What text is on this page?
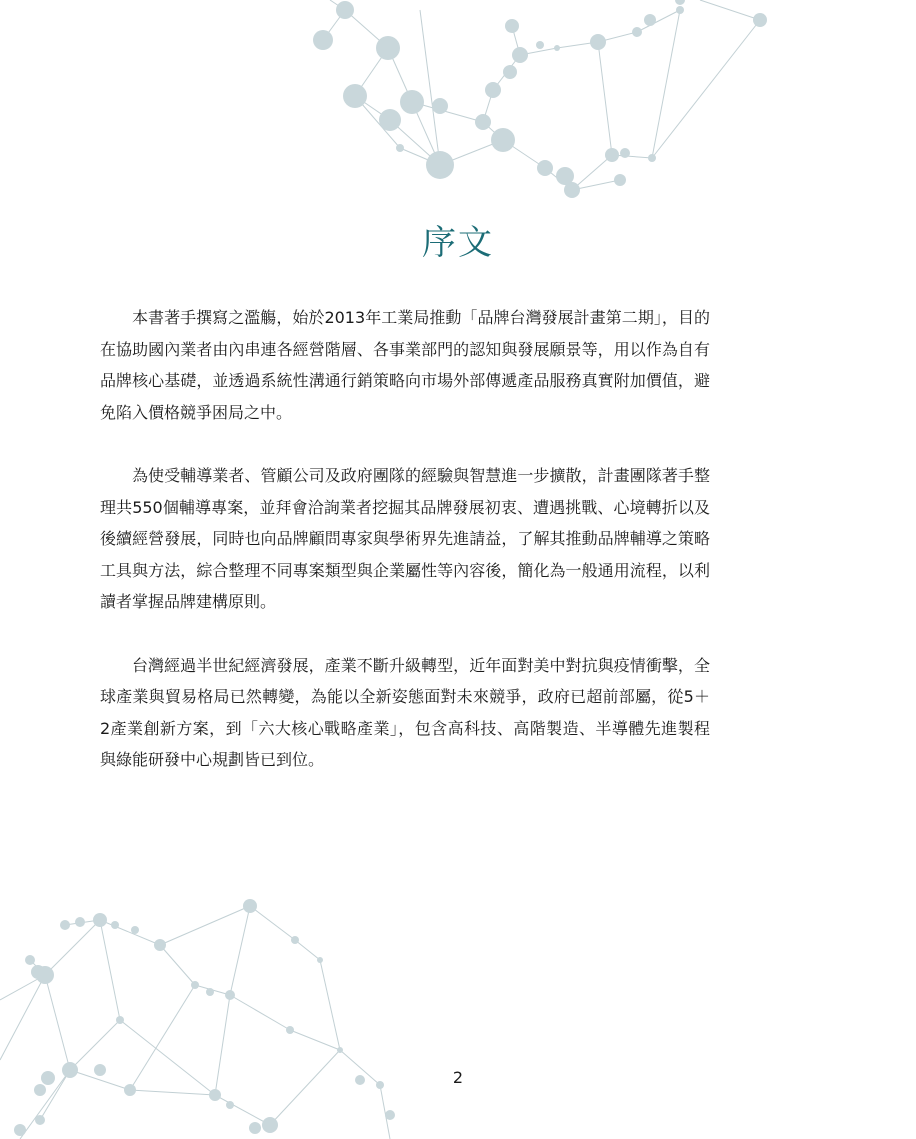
序文

本書著手撰寫之濫觴，始於2013年工業局推動「品牌台灣發展計畫第二期」，目的在協助國內業者由內串連各經營階層、各事業部門的認知與發展願景等，用以作為自有品牌核心基礎，並透過系統性溝通行銷策略向市場外部傳遞產品服務真實附加價值，避免陷入價格競爭困局之中。

為使受輔導業者、管顧公司及政府團隊的經驗與智慧進一步擴散，計畫團隊著手整理共550個輔導專案，並拜會洽詢業者挖掘其品牌發展初衷、遭遇挑戰、心境轉折以及後續經營發展，同時也向品牌顧問專家與學術界先進請益，了解其推動品牌輔導之策略工具與方法，綜合整理不同專案類型與企業屬性等內容後，簡化為一般通用流程，以利讀者掌握品牌建構原則。

台灣經過半世紀經濟發展，產業不斷升級轉型，近年面對美中對抗與疫情衝擊，全球產業與貿易格局已然轉變，為能以全新姿態面對未來競爭，政府已超前部屬，從5＋2產業創新方案，到「六大核心戰略產業」，包含高科技、高階製造、半導體先進製程與綠能研發中心規劃皆已到位。

2
